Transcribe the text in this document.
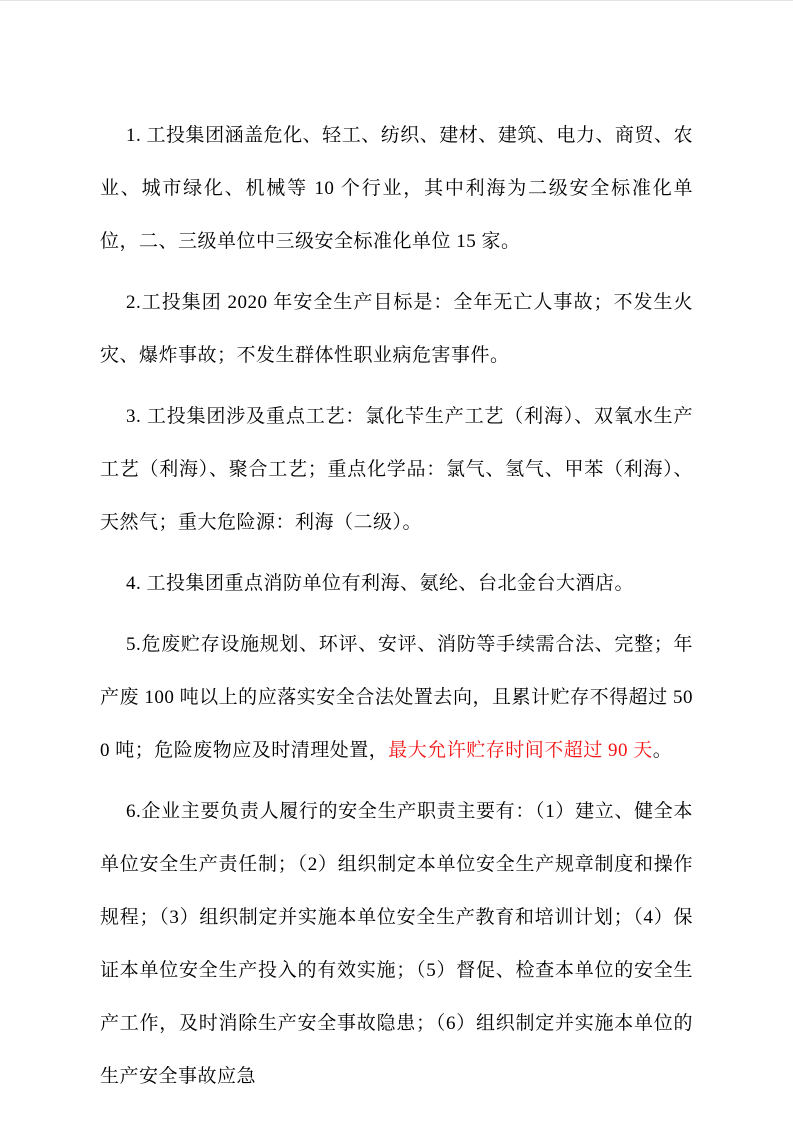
1. 工投集团涵盖危化、轻工、纺织、建材、建筑、电力、商贸、农业、城市绿化、机械等 10 个行业，其中利海为二级安全标准化单位，二、三级单位中三级安全标准化单位 15 家。

2.工投集团 2020 年安全生产目标是：全年无亡人事故；不发生火灾、爆炸事故；不发生群体性职业病危害事件。

3. 工投集团涉及重点工艺：氯化苄生产工艺（利海）、双氧水生产工艺（利海）、聚合工艺；重点化学品：氯气、氢气、甲苯（利海）、天然气；重大危险源：利海（二级）。

4. 工投集团重点消防单位有利海、氨纶、台北金台大酒店。

5.危废贮存设施规划、环评、安评、消防等手续需合法、完整；年产废 100 吨以上的应落实安全合法处置去向，且累计贮存不得超过 500 吨；危险废物应及时清理处置，最大允许贮存时间不超过 90 天。

6.企业主要负责人履行的安全生产职责主要有：（1）建立、健全本单位安全生产责任制；（2）组织制定本单位安全生产规章制度和操作规程；（3）组织制定并实施本单位安全生产教育和培训计划；（4）保证本单位安全生产投入的有效实施；（5）督促、检查本单位的安全生产工作，及时消除生产安全事故隐患；（6）组织制定并实施本单位的生产安全事故应急
